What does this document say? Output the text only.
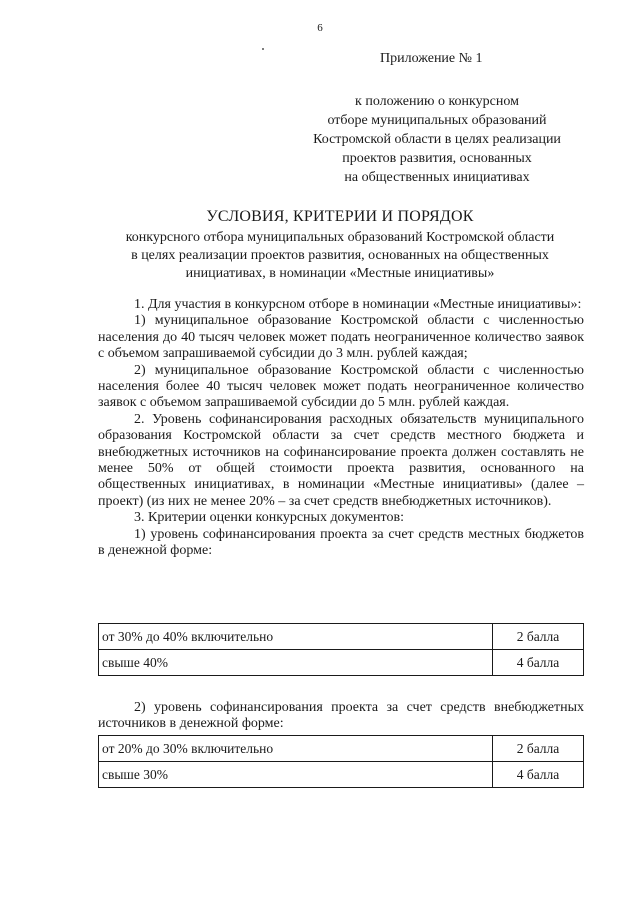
6
Приложение № 1
к положению о конкурсном
отборе муниципальных образований
Костромской области в целях реализации
проектов развития, основанных
на общественных инициативах
УСЛОВИЯ, КРИТЕРИИ И ПОРЯДОК
конкурсного отбора муниципальных образований Костромской области
в целях реализации проектов развития, основанных на общественных
инициативах, в номинации «Местные инициативы»

1. Для участия в конкурсном отборе в номинации «Местные инициативы»:

1) муниципальное образование Костромской области с численностью населения до 40 тысяч человек может подать неограниченное количество заявок с объемом запрашиваемой субсидии до 3 млн. рублей каждая;

2) муниципальное образование Костромской области с численностью населения более 40 тысяч человек может подать неограниченное количество заявок с объемом запрашиваемой субсидии до 5 млн. рублей каждая.

2. Уровень софинансирования расходных обязательств муниципального образования Костромской области за счет средств местного бюджета и внебюджетных источников на софинансирование проекта должен составлять не менее 50% от общей стоимости проекта развития, основанного на общественных инициативах, в номинации «Местные инициативы» (далее – проект) (из них не менее 20% – за счет средств внебюджетных источников).

3. Критерии оценки конкурсных документов:

1) уровень софинансирования проекта за счет средств местных бюджетов в денежной форме:

от 30% до 40% включительно	2 балла
свыше 40%	4 балла

2) уровень софинансирования проекта за счет средств внебюджетных источников в денежной форме:

от 20% до 30% включительно	2 балла
свыше 30%	4 балла
